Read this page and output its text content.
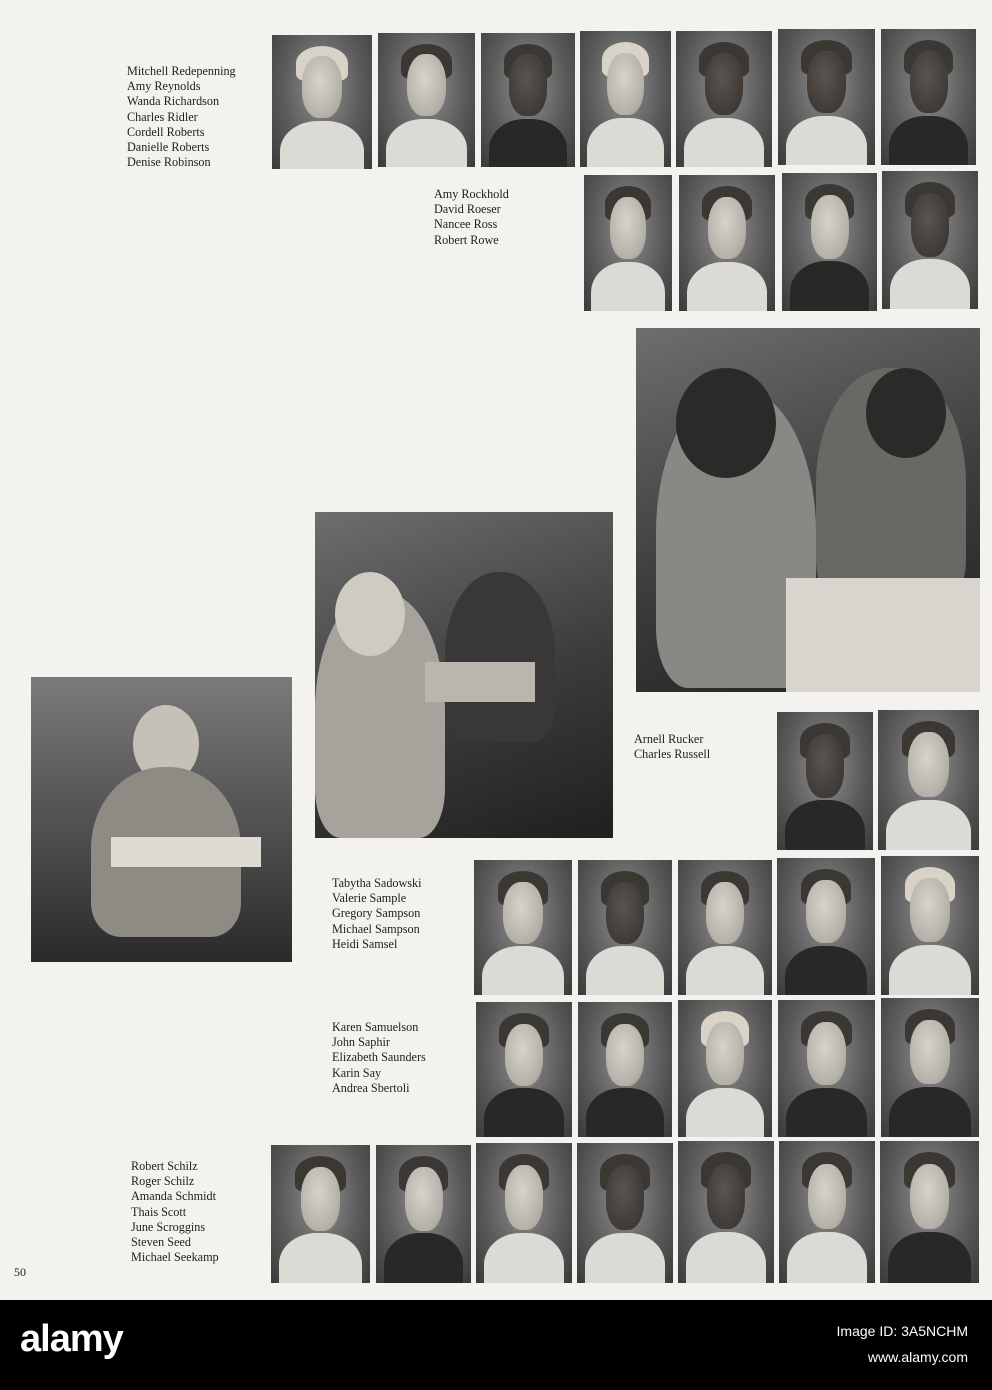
Mitchell Redepenning
Amy Reynolds
Wanda Richardson
Charles Ridler
Cordell Roberts
Danielle Roberts
Denise Robinson
Amy Rockhold
David Roeser
Nancee Ross
Robert Rowe
Arnell Rucker
Charles Russell
Tabytha Sadowski
Valerie Sample
Gregory Sampson
Michael Sampson
Heidi Samsel
Karen Samuelson
John Saphir
Elizabeth Saunders
Karin Say
Andrea Sbertoli
Robert Schilz
Roger Schilz
Amanda Schmidt
Thais Scott
June Scroggins
Steven Seed
Michael Seekamp
50
alamy	Image ID: 3A5NCHM
www.alamy.com
